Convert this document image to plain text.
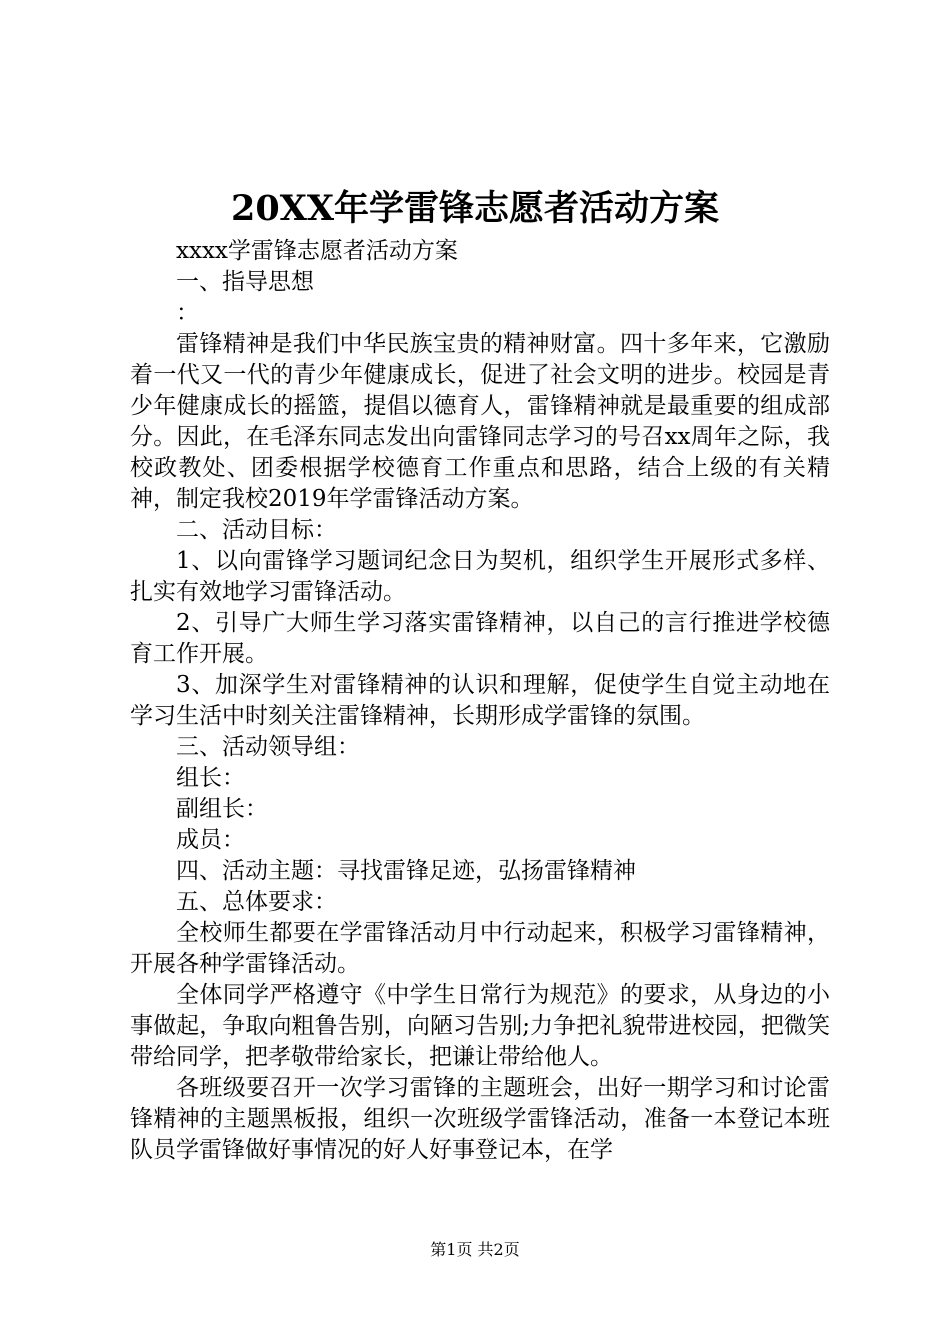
20XX年学雷锋志愿者活动方案

xxxx学雷锋志愿者活动方案

一、指导思想

：

雷锋精神是我们中华民族宝贵的精神财富。四十多年来，它激励着一代又一代的青少年健康成长，促进了社会文明的进步。校园是青少年健康成长的摇篮，提倡以德育人，雷锋精神就是最重要的组成部分。因此，在毛泽东同志发出向雷锋同志学习的号召xx周年之际，我校政教处、团委根据学校德育工作重点和思路，结合上级的有关精神，制定我校2019年学雷锋活动方案。

二、活动目标：

1、以向雷锋学习题词纪念日为契机，组织学生开展形式多样、扎实有效地学习雷锋活动。

2、引导广大师生学习落实雷锋精神，以自己的言行推进学校德育工作开展。

3、加深学生对雷锋精神的认识和理解，促使学生自觉主动地在学习生活中时刻关注雷锋精神，长期形成学雷锋的氛围。

三、活动领导组：

组长：

副组长：

成员：

四、活动主题：寻找雷锋足迹，弘扬雷锋精神

五、总体要求：

全校师生都要在学雷锋活动月中行动起来，积极学习雷锋精神，开展各种学雷锋活动。

全体同学严格遵守《中学生日常行为规范》的要求，从身边的小事做起，争取向粗鲁告别，向陋习告别;力争把礼貌带进校园，把微笑带给同学，把孝敬带给家长，把谦让带给他人。

各班级要召开一次学习雷锋的主题班会，出好一期学习和讨论雷锋精神的主题黑板报，组织一次班级学雷锋活动，准备一本登记本班队员学雷锋做好事情况的好人好事登记本，在学

第1页 共2页
